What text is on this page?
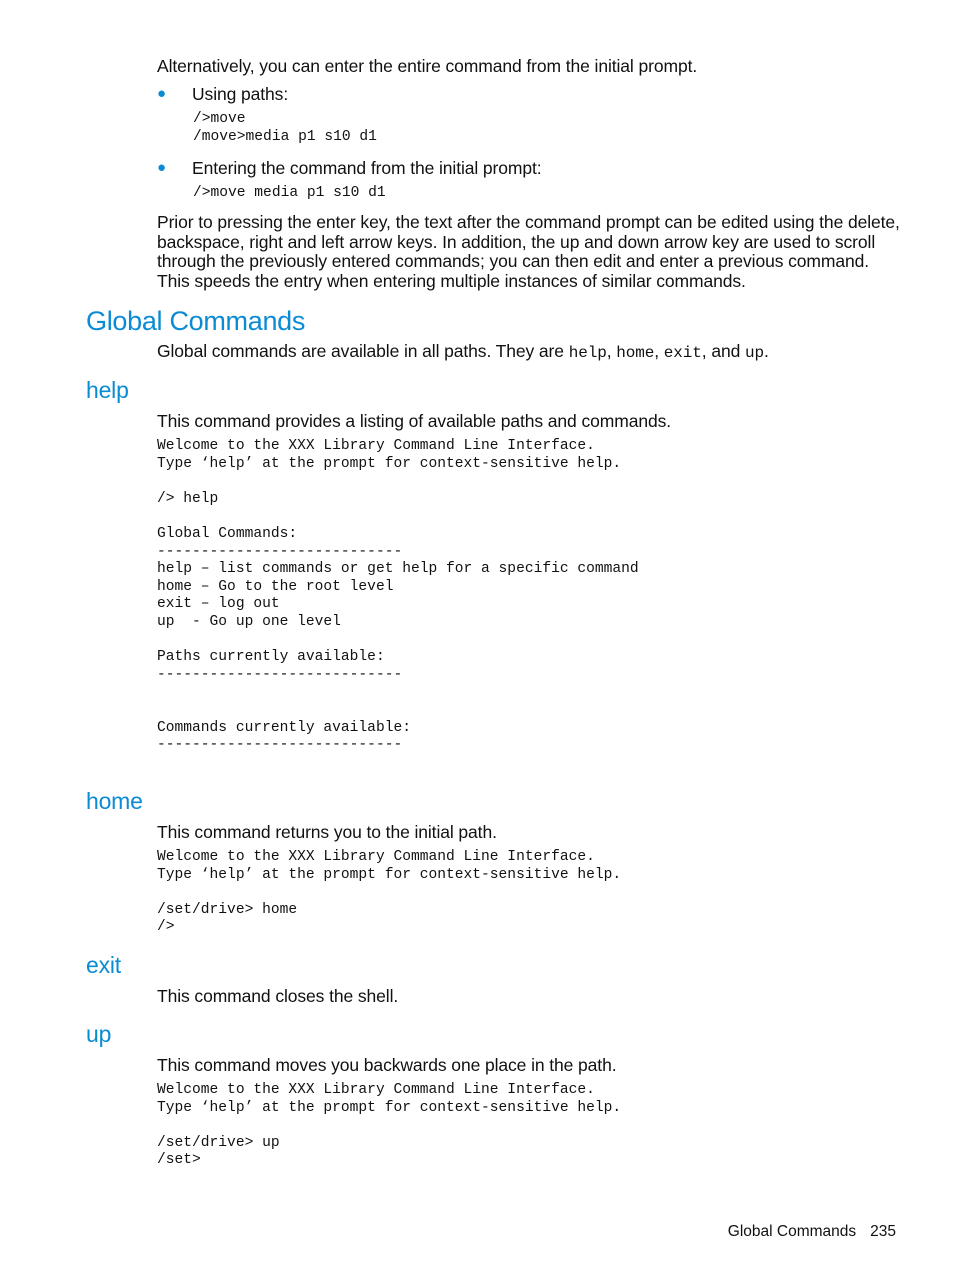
Alternatively, you can enter the entire command from the initial prompt.
● Using paths:
/>move
/move>media p1 s10 d1
● Entering the command from the initial prompt:
/>move media p1 s10 d1
Prior to pressing the enter key, the text after the command prompt can be edited using the delete, backspace, right and left arrow keys. In addition, the up and down arrow key are used to scroll through the previously entered commands; you can then edit and enter a previous command. This speeds the entry when entering multiple instances of similar commands.
Global Commands
Global commands are available in all paths. They are help, home, exit, and up.
help
This command provides a listing of available paths and commands.
Welcome to the XXX Library Command Line Interface.
Type ‘help’ at the prompt for context-sensitive help.

/> help

Global Commands:
----------------------------
help – list commands or get help for a specific command
home – Go to the root level
exit – log out
up  - Go up one level

Paths currently available:
----------------------------

Commands currently available:
----------------------------
home
This command returns you to the initial path.
Welcome to the XXX Library Command Line Interface.
Type ‘help’ at the prompt for context-sensitive help.

/set/drive> home
/>
exit
This command closes the shell.
up
This command moves you backwards one place in the path.
Welcome to the XXX Library Command Line Interface.
Type ‘help’ at the prompt for context-sensitive help.

/set/drive> up
/set>
Global Commands 235
